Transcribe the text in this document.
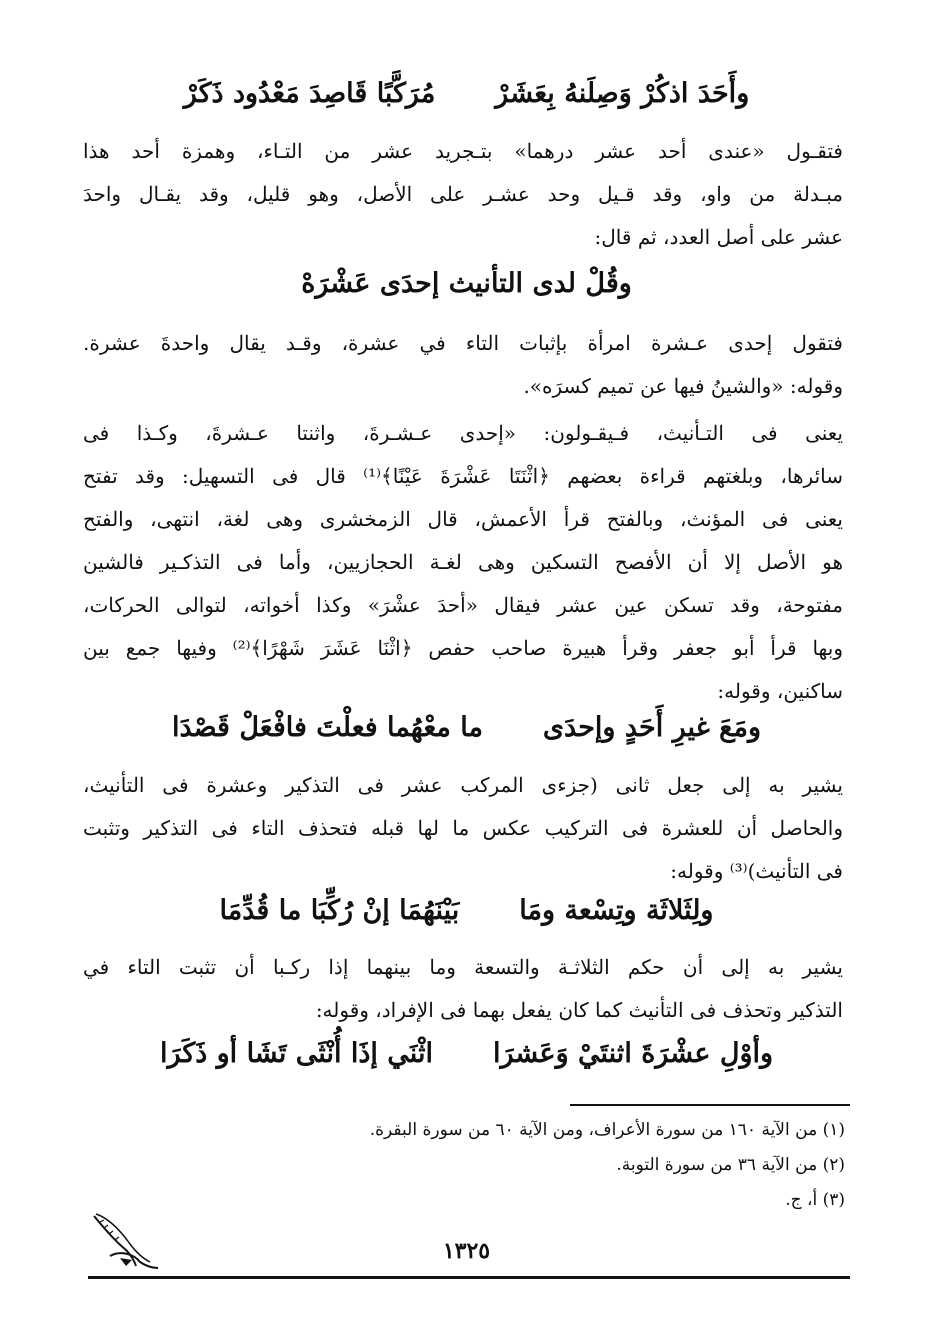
وأَحَدَ اذكُرْ وَصِلَنهُ بِعَشَرْ
مُرَكَّبًا قَاصِدَ مَعْدُود ذَكَرْ
فتقـول «عندى أحد عشر درهما» بتـجريد عشر من التـاء، وهمزة أحد هذا
مبـدلة من واو، وقد قـيل وحد عشـر على الأصل، وهو قليل، وقد يقـال واحدَ
عشر على أصل العدد، ثم قال:
وقُلْ لدى التأنيث إحدَى عَشْرَهْ
فتقول إحدى عـشرة امرأة بإثبات التاء في عشرة، وقـد يقال واحدةَ عشرة.
وقوله: «والشينُ فيها عن تميم كسرَه».
يعنى فى التـأنيث، فـيقـولون: «إحدى عـشـرةَ، واثنتا عـشرةَ، وكـذا فى
سائرها، وبلغتهم قراءة بعضهم ﴿اثْنَتَا عَشْرَةَ عَيْنًا﴾⁽¹⁾ قال فى التسهيل: وقد تفتح
يعنى فى المؤنث، وبالفتح قرأ الأعمش، قال الزمخشرى وهى لغة، انتهى، والفتح
هو الأصل إلا أن الأفصح التسكين وهى لغـة الحجازيين، وأما فى التذكـير فالشين
مفتوحة، وقد تسكن عين عشر فيقال «أحدَ عشْرَ» وكذا أخواته، لتوالى الحركات،
وبها قرأ أبو جعفر وقرأ هبيرة صاحب حفص ﴿اثْنَا عَشَرَ شَهْرًا﴾⁽²⁾ وفيها جمع بين
ساكنين، وقوله:
ومَعَ غيرِ أَحَدٍ وإحدَى
ما معْهُما فعلْتَ فافْعَلْ قَصْدَا
يشير به إلى جعل ثانى (جزءى المركب عشر فى التذكير وعشرة فى التأنيث،
والحاصل أن للعشرة فى التركيب عكس ما لها قبله فتحذف التاء فى التذكير وتثبت
فى التأنيث)⁽³⁾ وقوله:
ولِثَلاثَة وتِسْعة ومَا
بَيْنَهُمَا إنْ رُكِّبَا ما قُدِّمَا
يشير به إلى أن حكم الثلاثـة والتسعة وما بينهما إذا ركـبا أن تثبت التاء في
التذكير وتحذف فى التأنيث كما كان يفعل بهما فى الإفراد، وقوله:
وأوْلِ عشْرَةَ اثنتَيْ وَعَشرَا
اثْنَي إذَا أُنْثَى تَشَا أو ذَكَرَا
(١) من الآية ١٦٠ من سورة الأعراف، ومن الآية ٦٠ من سورة البقرة.
(٢) من الآية ٣٦ من سورة التوبة.
(٣) أ، ج.
١٣٢٥
